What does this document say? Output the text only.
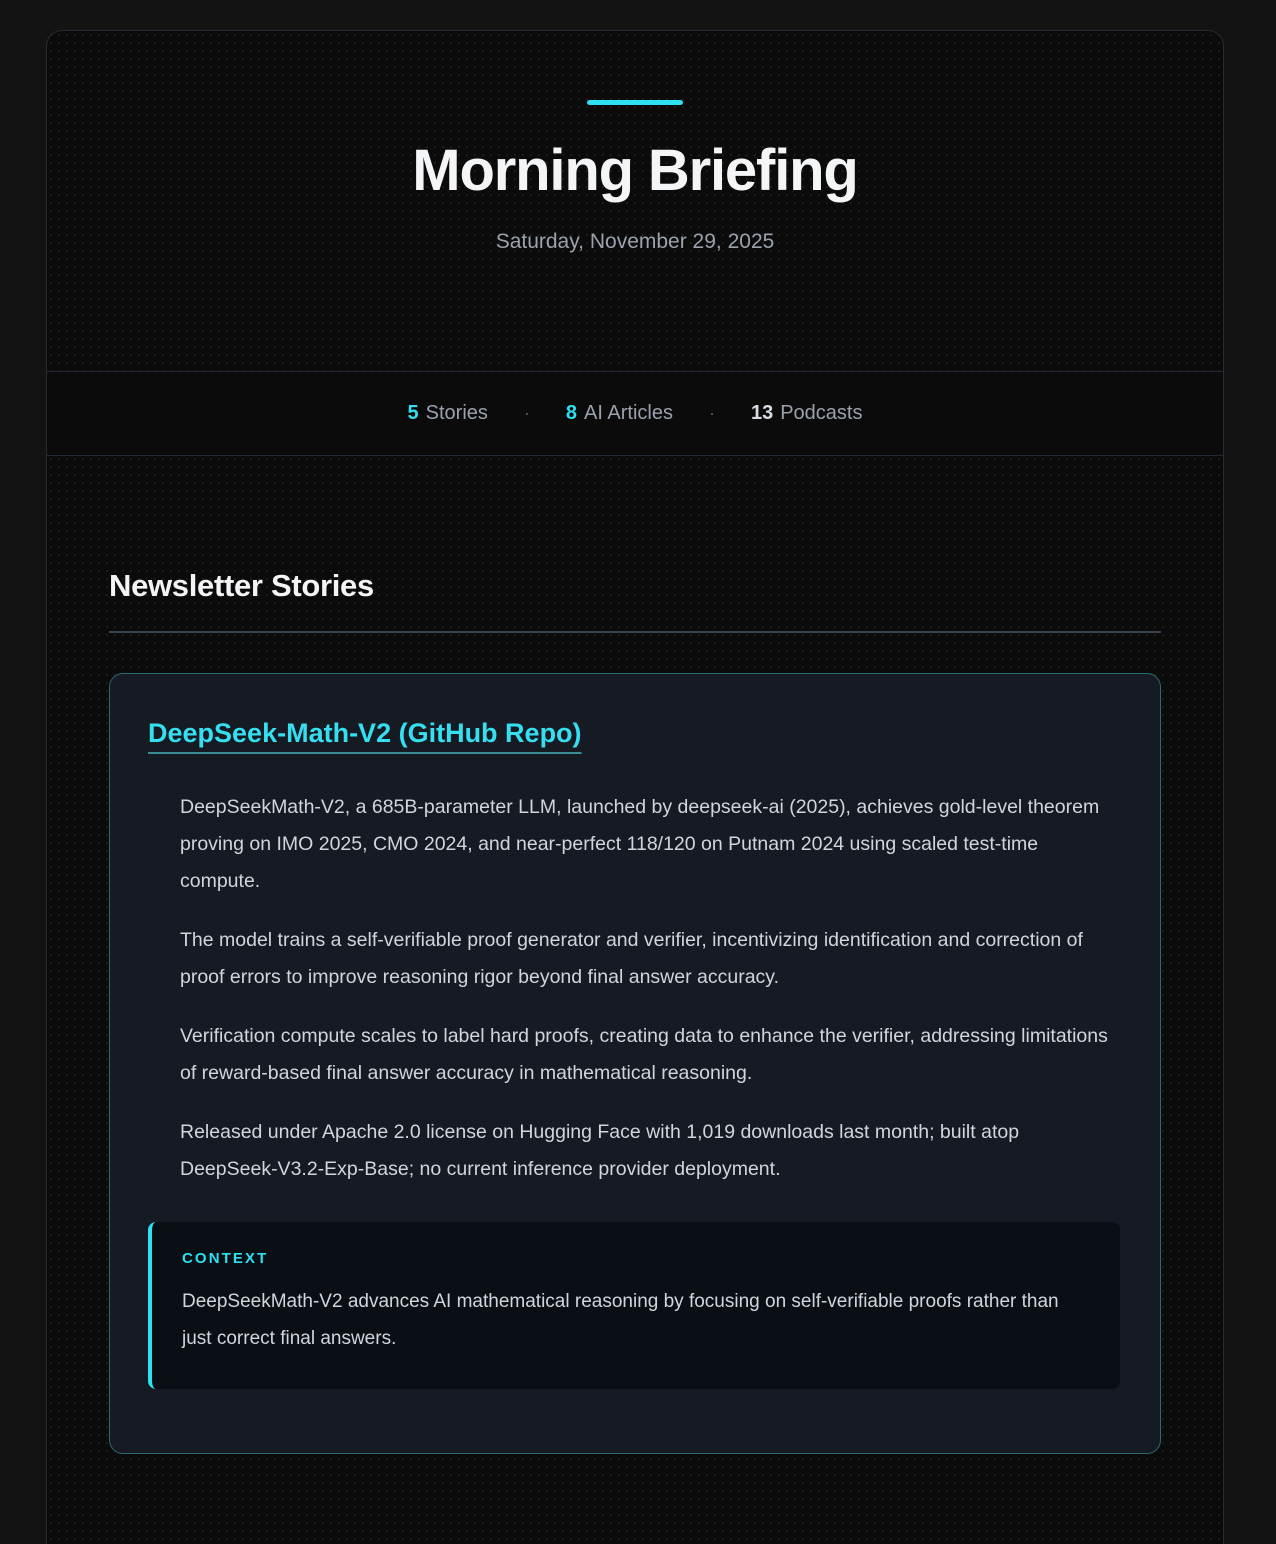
Morning Briefing
Saturday, November 29, 2025
5 Stories · 8 AI Articles · 13 Podcasts
Newsletter Stories
DeepSeek-Math-V2 (GitHub Repo)

DeepSeekMath-V2, a 685B-parameter LLM, launched by deepseek-ai (2025), achieves gold-level theorem proving on IMO 2025, CMO 2024, and near-perfect 118/120 on Putnam 2024 using scaled test-time compute.

The model trains a self-verifiable proof generator and verifier, incentivizing identification and correction of proof errors to improve reasoning rigor beyond final answer accuracy.

Verification compute scales to label hard proofs, creating data to enhance the verifier, addressing limitations of reward-based final answer accuracy in mathematical reasoning.

Released under Apache 2.0 license on Hugging Face with 1,019 downloads last month; built atop DeepSeek-V3.2-Exp-Base; no current inference provider deployment.

CONTEXT
DeepSeekMath-V2 advances AI mathematical reasoning by focusing on self-verifiable proofs rather than just correct final answers.
